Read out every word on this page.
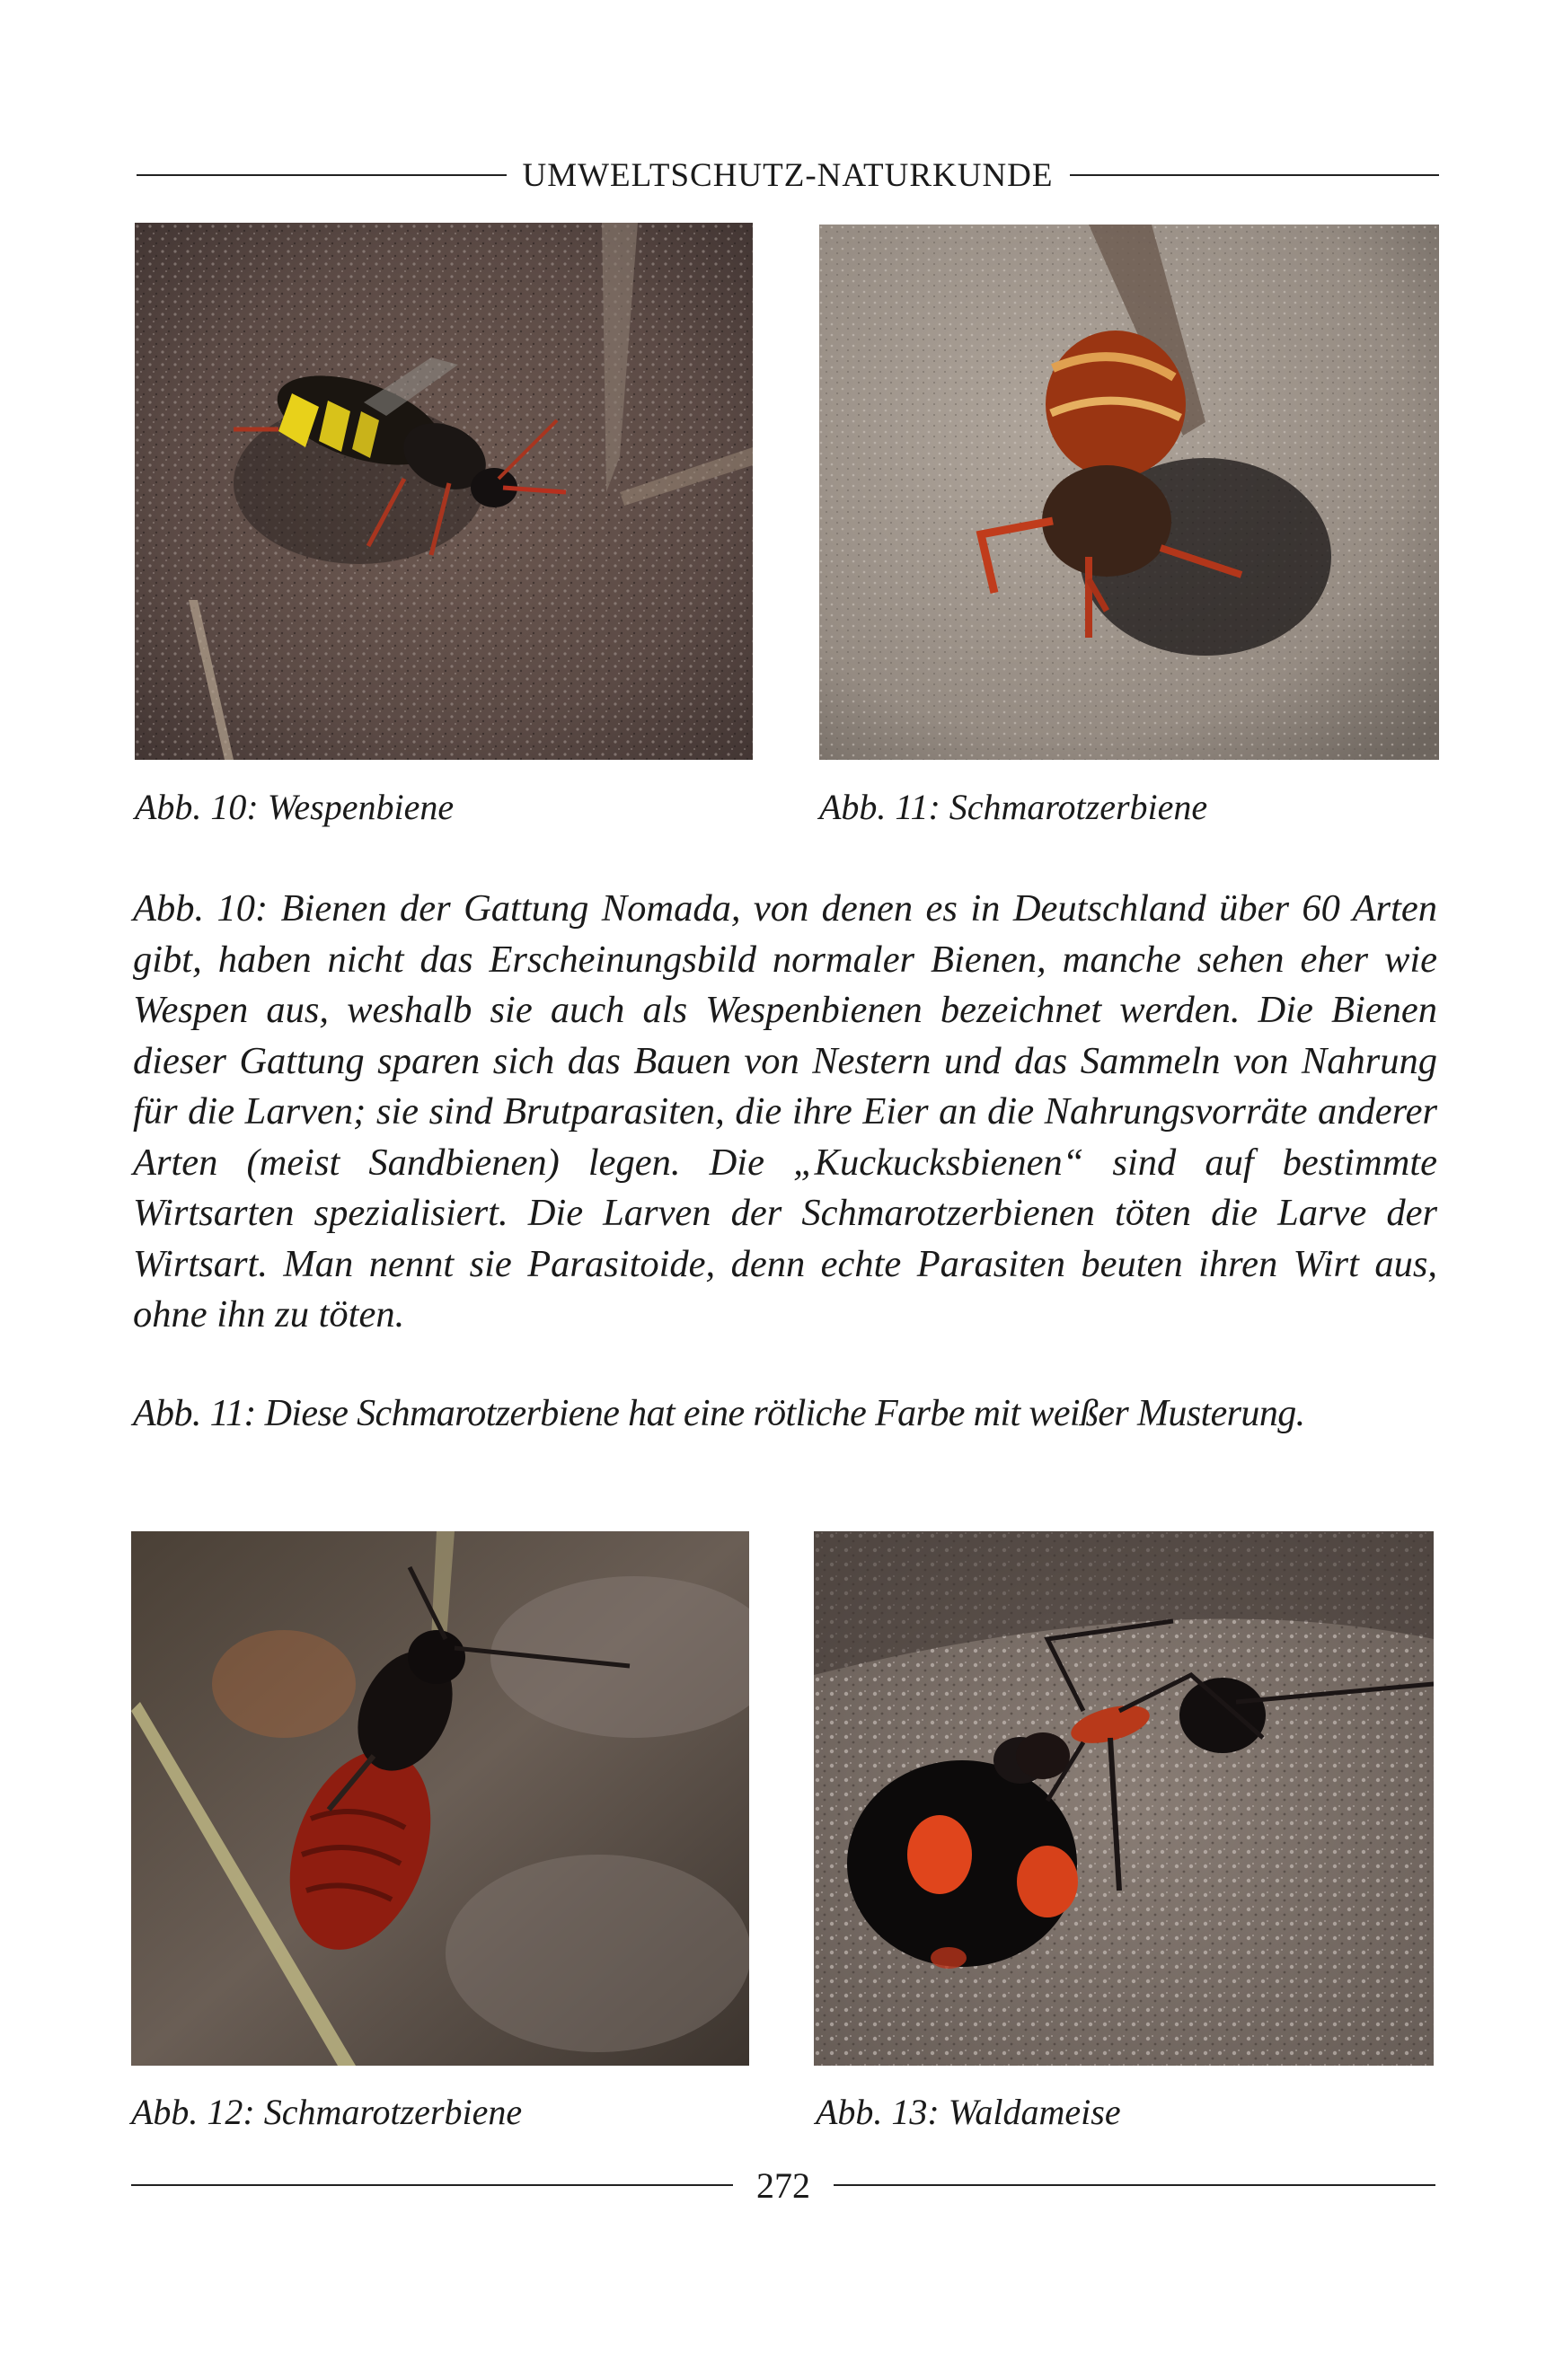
UMWELTSCHUTZ-NATURKUNDE
Abb. 10: Wespenbiene	Abb. 11: Schmarotzerbiene
Abb. 10: Bienen der Gattung Nomada, von denen es in Deutschland über 60 Arten gibt, haben nicht das Erscheinungsbild normaler Bienen, manche sehen eher wie Wespen aus, weshalb sie auch als Wespenbienen bezeichnet werden. Die Bienen dieser Gattung sparen sich das Bauen von Nestern und das Sammeln von Nahrung für die Larven; sie sind Brutparasiten, die ihre Eier an die Nahrungsvorräte anderer Arten (meist Sandbienen) legen. Die „Kuckucksbienen“ sind auf bestimmte Wirtsarten spezialisiert. Die Larven der Schmarotzerbienen töten die Larve der Wirtsart. Man nennt sie Parasitoide, denn echte Parasiten beuten ihren Wirt aus, ohne ihn zu töten.
Abb. 11: Diese Schmarotzerbiene hat eine rötliche Farbe mit weißer Musterung.
Abb. 12: Schmarotzerbiene	Abb. 13: Waldameise
272
